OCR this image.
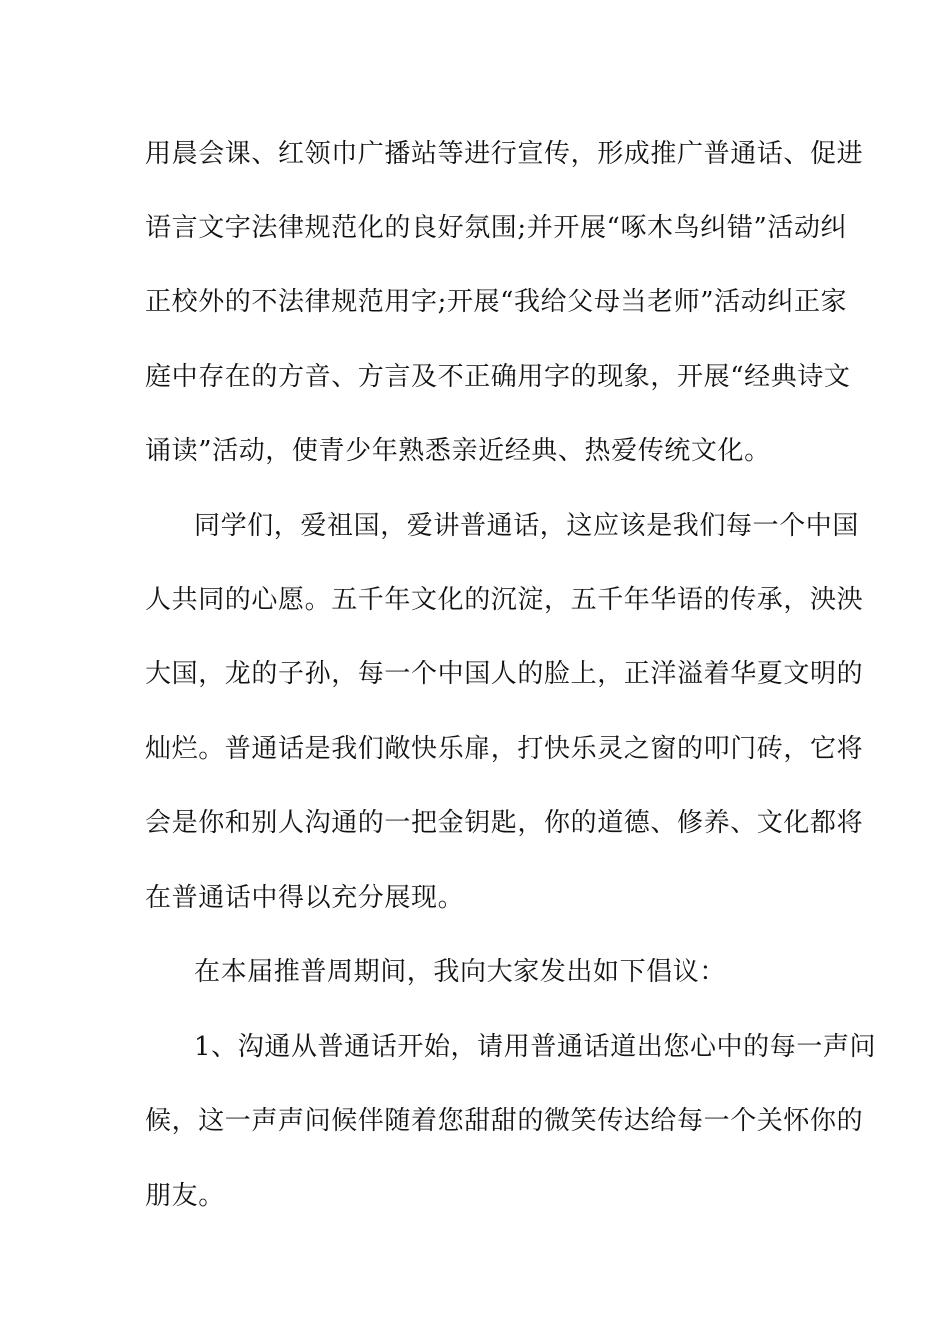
用晨会课、红领巾广播站等进行宣传，形成推广普通话、促进
语言文字法律规范化的良好氛围;并开展“啄木鸟纠错”活动纠
正校外的不法律规范用字;开展“我给父母当老师”活动纠正家
庭中存在的方音、方言及不正确用字的现象，开展“经典诗文
诵读”活动，使青少年熟悉亲近经典、热爱传统文化。
同学们，爱祖国，爱讲普通话，这应该是我们每一个中国
人共同的心愿。五千年文化的沉淀，五千年华语的传承，泱泱
大国，龙的子孙，每一个中国人的脸上，正洋溢着华夏文明的
灿烂。普通话是我们敞快乐扉，打快乐灵之窗的叩门砖，它将
会是你和别人沟通的一把金钥匙，你的道德、修养、文化都将
在普通话中得以充分展现。
在本届推普周期间，我向大家发出如下倡议：
1、沟通从普通话开始，请用普通话道出您心中的每一声问
候，这一声声问候伴随着您甜甜的微笑传达给每一个关怀你的
朋友。
